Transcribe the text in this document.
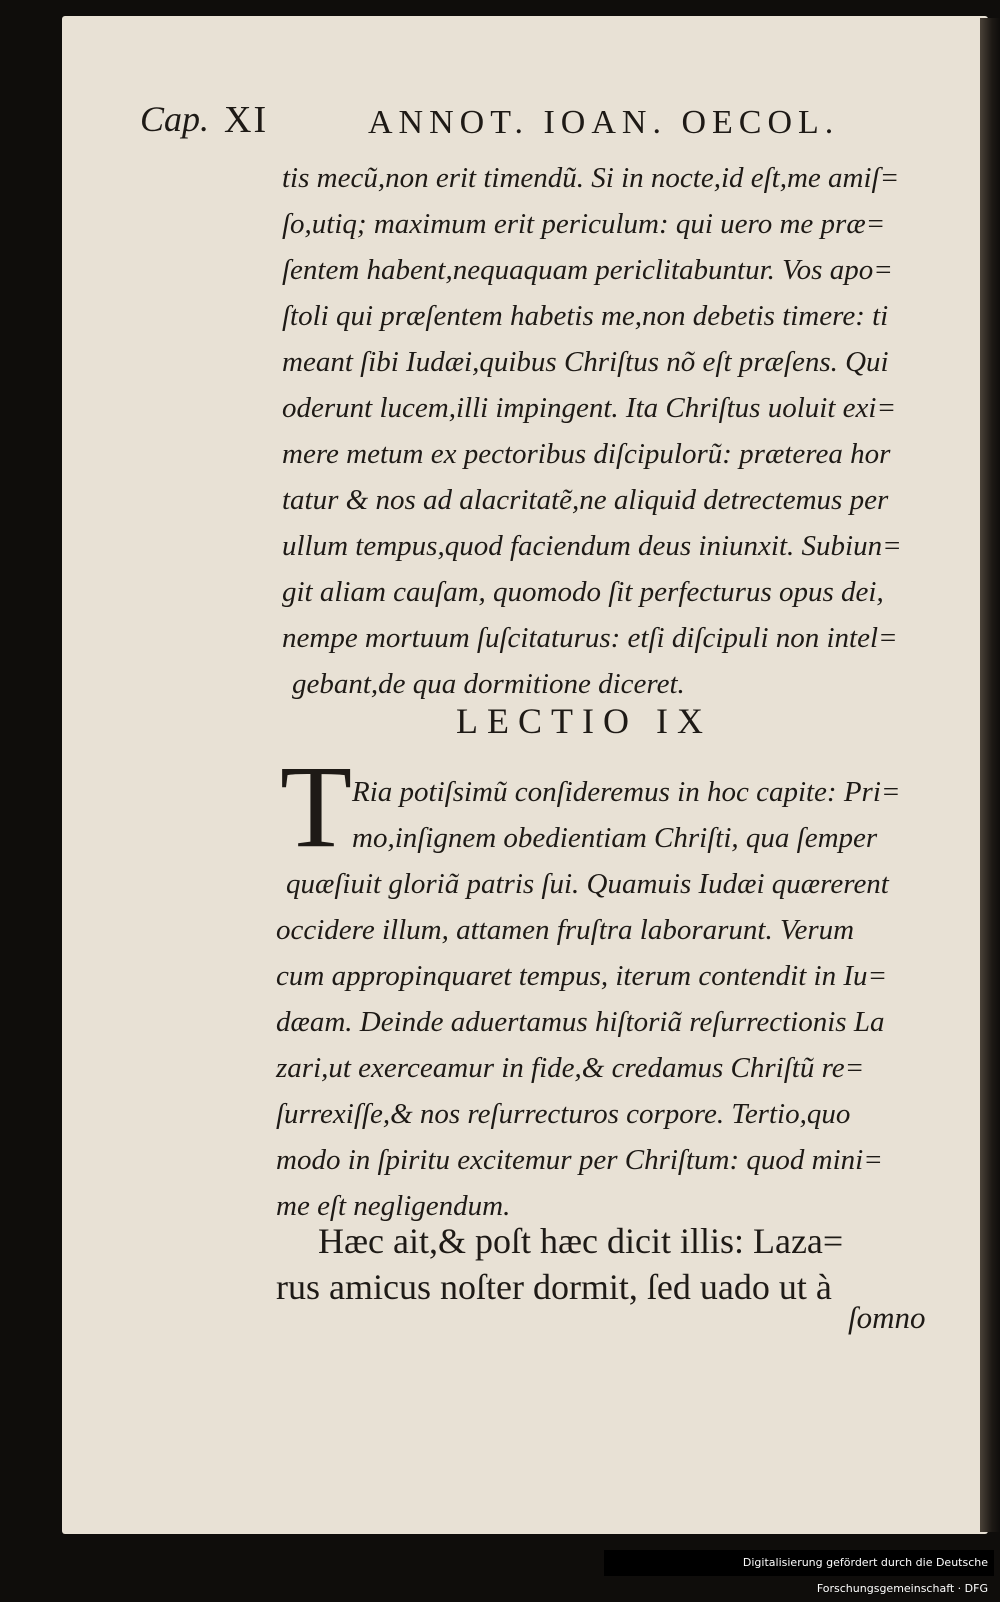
Cap. XI	ANNOT. IOAN. OECOL.
tis mecũ,non erit timendũ. Si in nocte,id eſt,me amiſ=
ſo,utiq; maximum erit periculum: qui uero me præ=
ſentem habent,nequaquam periclitabuntur. Vos apo=
ſtoli qui præſentem habetis me,non debetis timere: ti
meant ſibi Iudæi,quibus Chriſtus nõ eſt præſens. Qui
oderunt lucem,illi impingent. Ita Chriſtus uoluit exi=
mere metum ex pectoribus diſcipulorũ: præterea hor
tatur & nos ad alacritatẽ,ne aliquid detrectemus per
ullum tempus,quod faciendum deus iniunxit. Subiun=
git aliam cauſam, quomodo ſit perfecturus opus dei,
nempe mortuum ſuſcitaturus: etſi diſcipuli non intel=
gebant,de qua dormitione diceret.
LECTIO IX
T Ria potiſsimũ conſideremus in hoc capite: Pri=
mo,inſignem obedientiam Chriſti, qua ſemper
quæſiuit gloriã patris ſui. Quamuis Iudæi quærerent
occidere illum, attamen fruſtra laborarunt. Verum
cum appropinquaret tempus, iterum contendit in Iu=
dæam. Deinde aduertamus hiſtoriã reſurrectionis La
zari,ut exerceamur in fide,& credamus Chriſtũ re=
ſurrexiſſe,& nos reſurrecturos corpore. Tertio,quo
modo in ſpiritu excitemur per Chriſtum: quod mini=
me eſt negligendum.
Hæc ait,& poſt hæc dicit illis: Laza=
rus amicus noſter dormit, ſed uado ut à
ſomno
Digitalisierung gefördert durch die Deutsche Forschungsgemeinschaft · DFG
